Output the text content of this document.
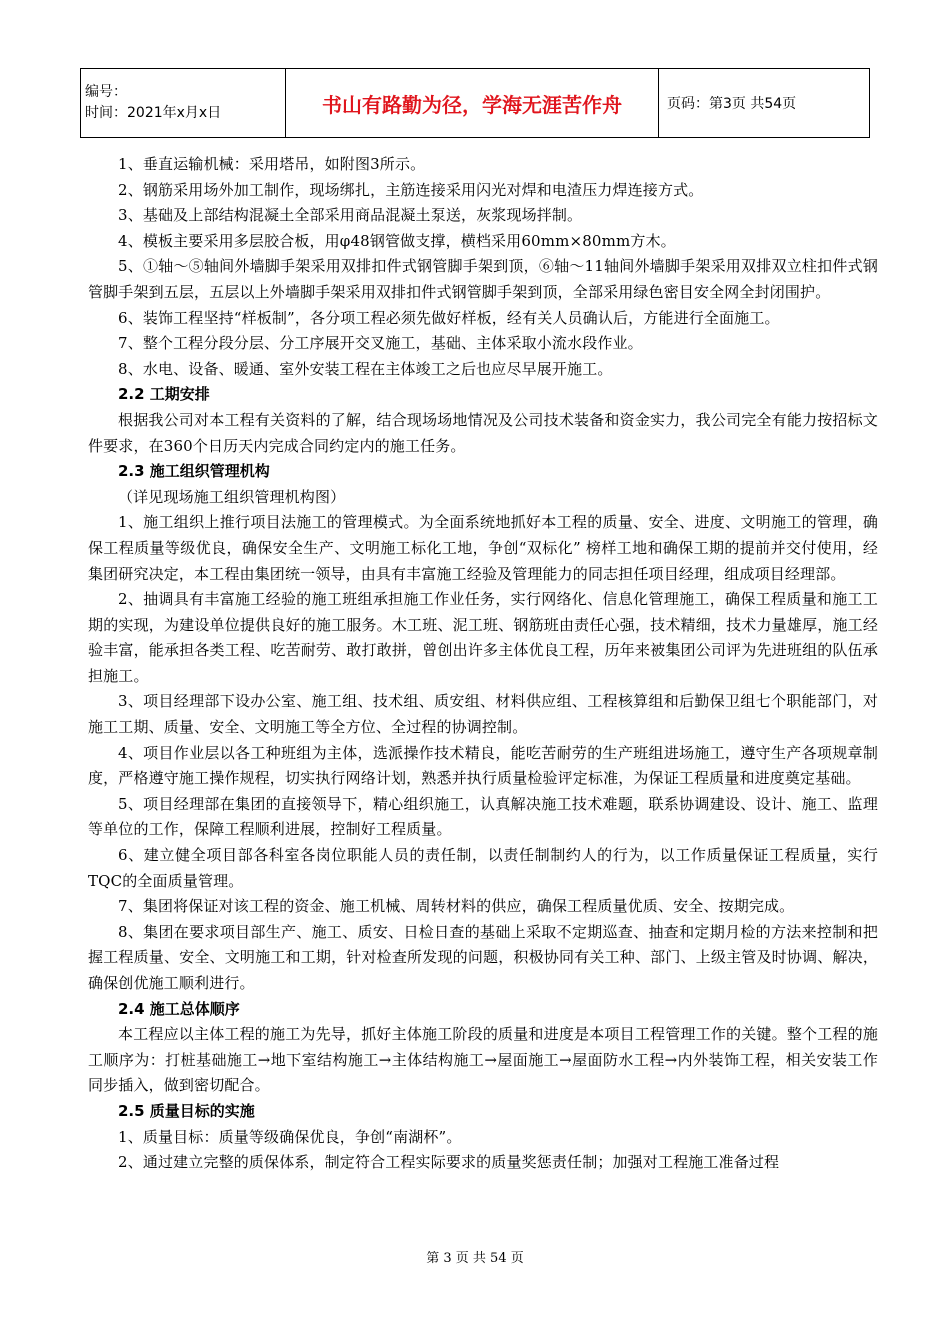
编号：
时间：2021年x月x日	书山有路勤为径，学海无涯苦作舟	页码：第3页 共54页

1、垂直运输机械：采用塔吊，如附图3所示。

2、钢筋采用场外加工制作，现场绑扎，主筋连接采用闪光对焊和电渣压力焊连接方式。

3、基础及上部结构混凝土全部采用商品混凝土泵送，灰浆现场拌制。

4、模板主要采用多层胶合板，用φ48钢管做支撑，横档采用60mm×80mm方木。

5、①轴～⑤轴间外墙脚手架采用双排扣件式钢管脚手架到顶，⑥轴～11轴间外墙脚手架采用双排双立柱扣件式钢管脚手架到五层，五层以上外墙脚手架采用双排扣件式钢管脚手架到顶，全部采用绿色密目安全网全封闭围护。

6、装饰工程坚持“样板制”，各分项工程必须先做好样板，经有关人员确认后，方能进行全面施工。

7、整个工程分段分层、分工序展开交叉施工，基础、主体采取小流水段作业。

8、水电、设备、暖通、室外安装工程在主体竣工之后也应尽早展开施工。

2.2 工期安排

根据我公司对本工程有关资料的了解，结合现场场地情况及公司技术装备和资金实力，我公司完全有能力按招标文件要求，在360个日历天内完成合同约定内的施工任务。

2.3 施工组织管理机构

（详见现场施工组织管理机构图）

1、施工组织上推行项目法施工的管理模式。为全面系统地抓好本工程的质量、安全、进度、文明施工的管理，确保工程质量等级优良，确保安全生产、文明施工标化工地，争创“双标化” 榜样工地和确保工期的提前并交付使用，经集团研究决定，本工程由集团统一领导，由具有丰富施工经验及管理能力的同志担任项目经理，组成项目经理部。

2、抽调具有丰富施工经验的施工班组承担施工作业任务，实行网络化、信息化管理施工，确保工程质量和施工工期的实现，为建设单位提供良好的施工服务。木工班、泥工班、钢筋班由责任心强，技术精细，技术力量雄厚，施工经验丰富，能承担各类工程、吃苦耐劳、敢打敢拼，曾创出许多主体优良工程，历年来被集团公司评为先进班组的队伍承担施工。

3、项目经理部下设办公室、施工组、技术组、质安组、材料供应组、工程核算组和后勤保卫组七个职能部门，对施工工期、质量、安全、文明施工等全方位、全过程的协调控制。

4、项目作业层以各工种班组为主体，选派操作技术精良，能吃苦耐劳的生产班组进场施工，遵守生产各项规章制度，严格遵守施工操作规程，切实执行网络计划，熟悉并执行质量检验评定标准，为保证工程质量和进度奠定基础。

5、项目经理部在集团的直接领导下，精心组织施工，认真解决施工技术难题，联系协调建设、设计、施工、监理等单位的工作，保障工程顺利进展，控制好工程质量。

6、建立健全项目部各科室各岗位职能人员的责任制，以责任制制约人的行为，以工作质量保证工程质量，实行 TQC的全面质量管理。

7、集团将保证对该工程的资金、施工机械、周转材料的供应，确保工程质量优质、安全、按期完成。

8、集团在要求项目部生产、施工、质安、日检日查的基础上采取不定期巡查、抽查和定期月检的方法来控制和把握工程质量、安全、文明施工和工期，针对检查所发现的问题，积极协同有关工种、部门、上级主管及时协调、解决，确保创优施工顺利进行。

2.4 施工总体顺序

本工程应以主体工程的施工为先导，抓好主体施工阶段的质量和进度是本项目工程管理工作的关键。整个工程的施工顺序为：打桩基础施工→地下室结构施工→主体结构施工→屋面施工→屋面防水工程→内外装饰工程，相关安装工作同步插入，做到密切配合。

2.5 质量目标的实施

1、质量目标：质量等级确保优良，争创“南湖杯”。

2、通过建立完整的质保体系，制定符合工程实际要求的质量奖惩责任制；加强对工程施工准备过程

第 3 页 共 54 页
